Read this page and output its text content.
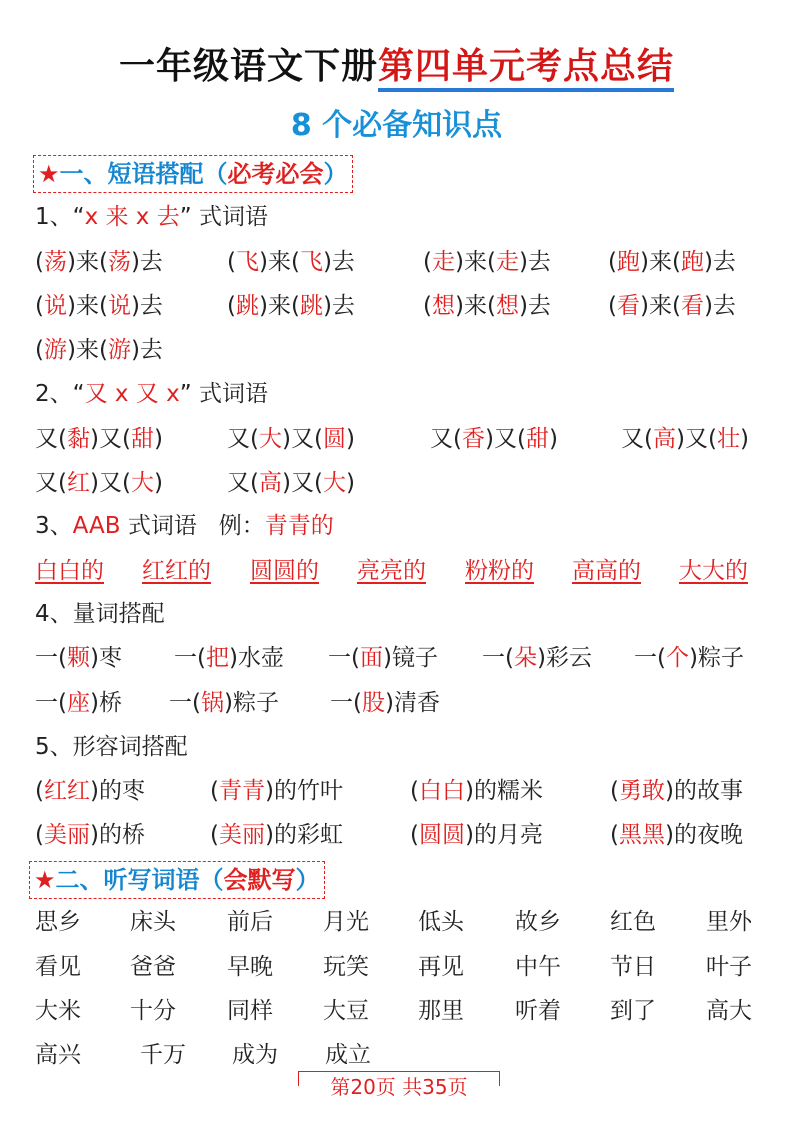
一年级语文下册第四单元考点总结
8 个必备知识点
★一、短语搭配（必考必会）
1、“x 来 x 去” 式词语
(荡)来(荡)去	(飞)来(飞)去	(走)来(走)去 (跑)来(跑)去
(说)来(说)去	(跳)来(跳)去	(想)来(想)去 (看)来(看)去
(游)来(游)去
2、“又 x 又 x” 式词语
又(黏)又(甜)	又(大)又(圆)	又(香)又(甜)	又(高)又(壮)
又(红)又(大)	又(高)又(大)
3、AAB 式词语 例：青青的
白白的 红红的 圆圆的 亮亮的 粉粉的 高高的 大大的
4、量词搭配
一(颗)枣 一(把)水壶 一(面)镜子 一(朵)彩云 一(个)粽子
一(座)桥 一(锅)粽子 一(股)清香
5、形容词搭配
(红红)的枣	(青青)的竹叶	(白白)的糯米	(勇敢)的故事
(美丽)的桥	(美丽)的彩虹	(圆圆)的月亮	(黑黑)的夜晚
★二、听写词语（会默写）
思乡 床头 前后 月光 低头 故乡 红色 里外
看见 爸爸 早晚 玩笑 再见 中午 节日 叶子
大米 十分 同样 大豆 那里 听着 到了 高大
高兴	千万 成为 成立
第20页 共35页
